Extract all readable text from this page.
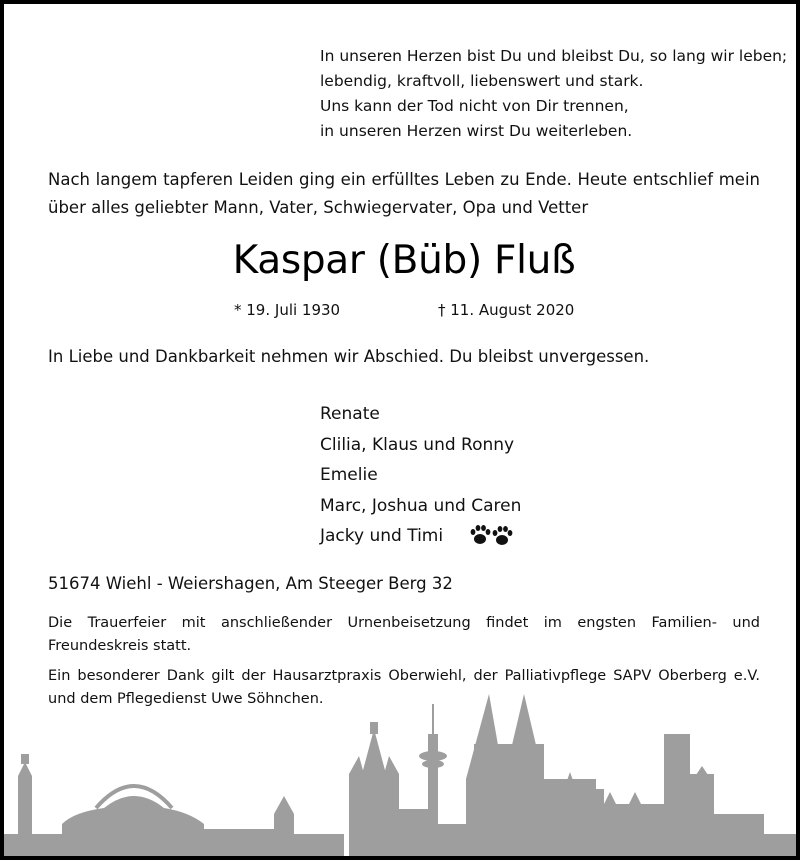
In unseren Herzen bist Du und bleibst Du, so lang wir leben;
lebendig, kraftvoll, liebenswert und stark.
Uns kann der Tod nicht von Dir trennen,
in unseren Herzen wirst Du weiterleben.
Nach langem tapferen Leiden ging ein erfülltes Leben zu Ende. Heute entschlief mein über alles geliebter Mann, Vater, Schwiegervater, Opa und Vetter
Kaspar (Büb) Fluß
* 19. Juli 1930	† 11. August 2020
In Liebe und Dankbarkeit nehmen wir Abschied. Du bleibst unvergessen.
Renate
Clilia, Klaus und Ronny
Emelie
Marc, Joshua und Caren
Jacky und Timi
51674 Wiehl - Weiershagen, Am Steeger Berg 32

Die Trauerfeier mit anschließender Urnenbeisetzung findet im engsten Familien- und Freundeskreis statt.

Ein besonderer Dank gilt der Hausarztpraxis Oberwiehl, der Palliativpflege SAPV Oberberg e.V. und dem Pflegedienst Uwe Söhnchen.
